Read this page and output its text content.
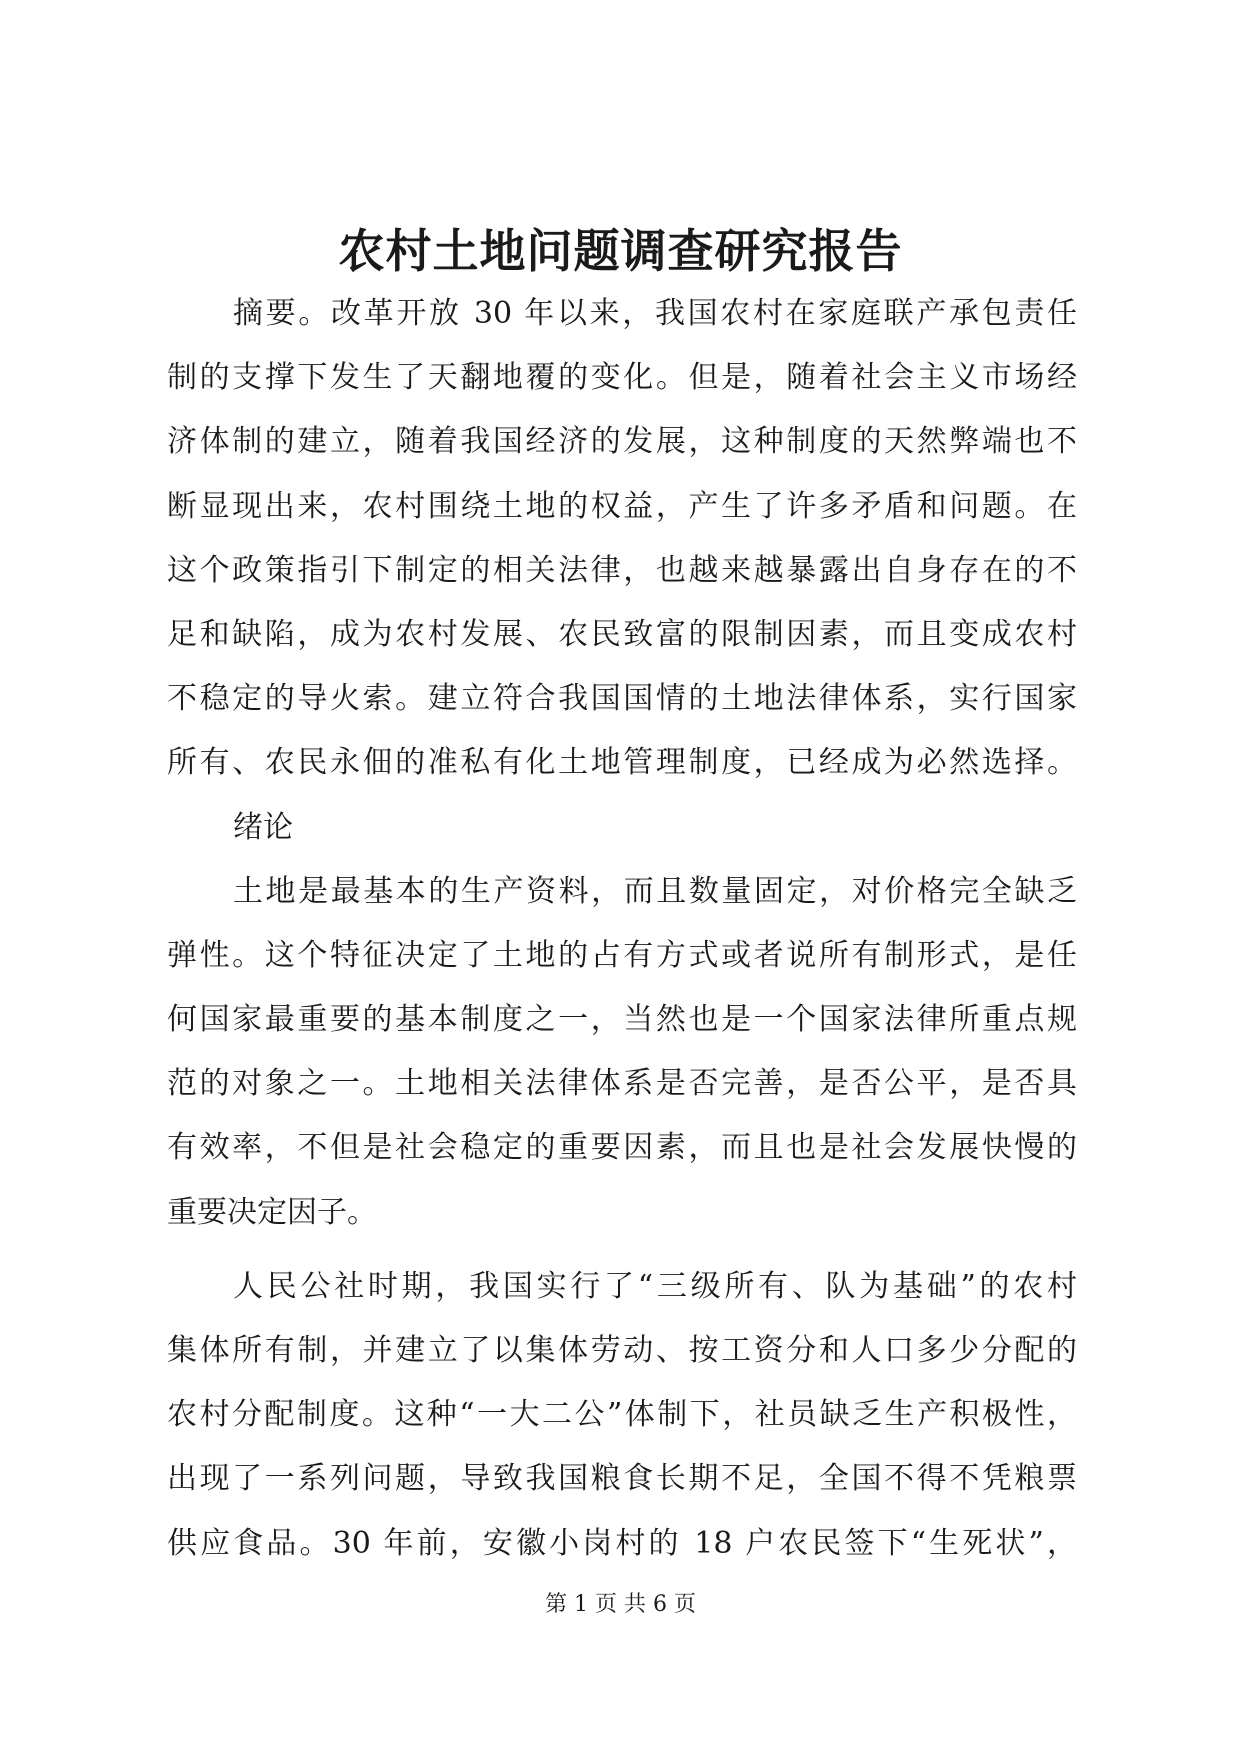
农村土地问题调查研究报告
摘要。改革开放 30 年以来，我国农村在家庭联产承包责任
制的支撑下发生了天翻地覆的变化。但是，随着社会主义市场经
济体制的建立，随着我国经济的发展，这种制度的天然弊端也不
断显现出来，农村围绕土地的权益，产生了许多矛盾和问题。在
这个政策指引下制定的相关法律，也越来越暴露出自身存在的不
足和缺陷，成为农村发展、农民致富的限制因素，而且变成农村
不稳定的导火索。建立符合我国国情的土地法律体系，实行国家
所有、农民永佃的准私有化土地管理制度，已经成为必然选择。
绪论
土地是最基本的生产资料，而且数量固定，对价格完全缺乏
弹性。这个特征决定了土地的占有方式或者说所有制形式，是任
何国家最重要的基本制度之一，当然也是一个国家法律所重点规
范的对象之一。土地相关法律体系是否完善，是否公平，是否具
有效率，不但是社会稳定的重要因素，而且也是社会发展快慢的
重要决定因子。
人民公社时期，我国实行了“三级所有、队为基础”的农村
集体所有制，并建立了以集体劳动、按工资分和人口多少分配的
农村分配制度。这种“一大二公”体制下，社员缺乏生产积极性，
出现了一系列问题，导致我国粮食长期不足，全国不得不凭粮票
供应食品。30 年前，安徽小岗村的 18 户农民签下“生死状”，
第 1 页 共 6 页
